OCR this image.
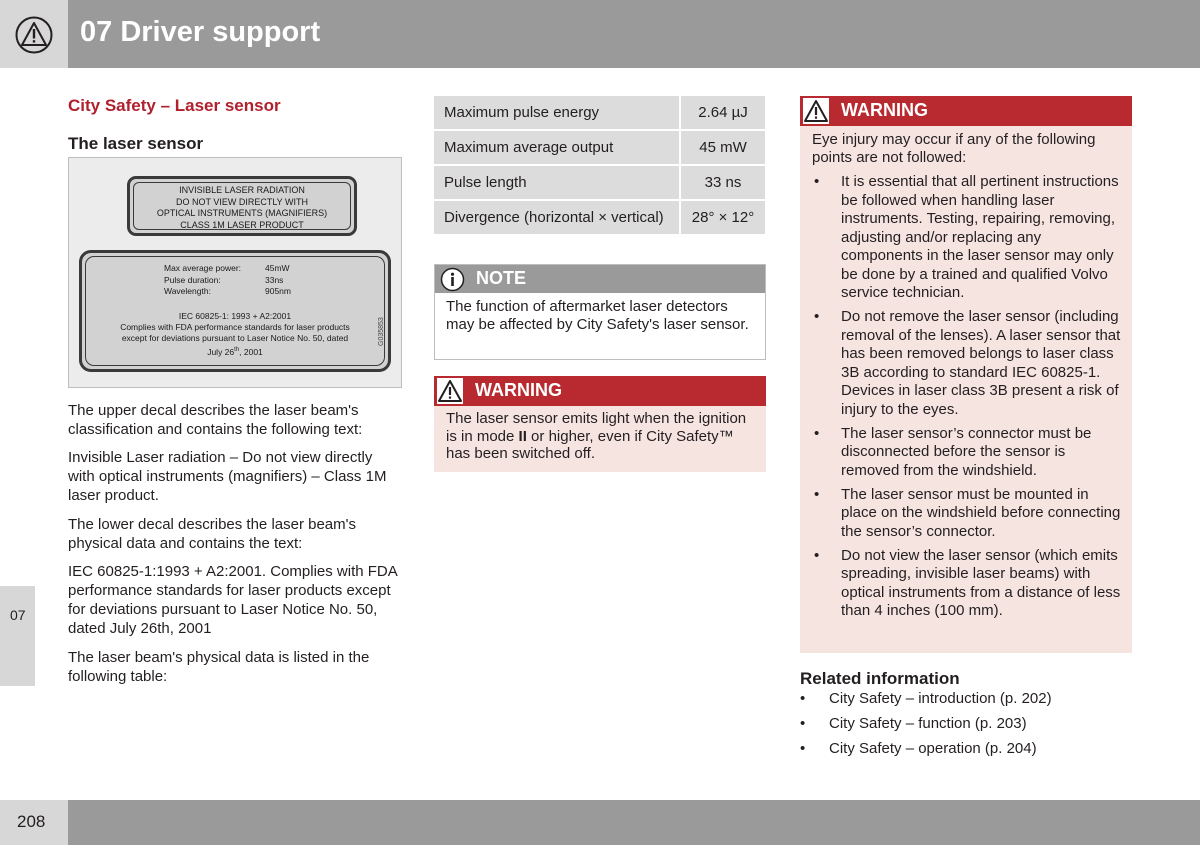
07 Driver support
07
208
City Safety – Laser sensor
The laser sensor
INVISIBLE LASER RADIATION
DO NOT VIEW DIRECTLY WITH
OPTICAL INSTRUMENTS (MAGNIFIERS)
CLASS 1M LASER PRODUCT
Max average power:	45mW
Pulse duration:	33ns
Wavelength:	905nm
IEC 60825-1: 1993 + A2:2001
Complies with FDA performance standards for laser products
except for deviations pursuant to Laser Notice No. 50, dated
July 26th, 2001
G035853

The upper decal describes the laser beam's classification and contains the following text:

Invisible Laser radiation – Do not view directly with optical instruments (magnifiers) – Class 1M laser product.

The lower decal describes the laser beam's physical data and contains the text:

IEC 60825-1:1993 + A2:2001. Complies with FDA performance standards for laser products except for deviations pursuant to Laser Notice No. 50, dated July 26th, 2001

The laser beam's physical data is listed in the following table:

Maximum pulse energy	2.64 µJ
Maximum average output	45 mW
Pulse length	33 ns
Divergence (horizontal × vertical)	28° × 12°
NOTE

The function of aftermarket laser detectors may be affected by City Safety's laser sensor.

WARNING

The laser sensor emits light when the ignition is in mode II or higher, even if City Safety™ has been switched off.

WARNING

Eye injury may occur if any of the following points are not followed:

• It is essential that all pertinent instructions be followed when handling laser instruments. Testing, repairing, removing, adjusting and/or replacing any components in the laser sensor may only be done by a trained and qualified Volvo service technician.
• Do not remove the laser sensor (including removal of the lenses). A laser sensor that has been removed belongs to laser class 3B according to standard IEC 60825-1. Devices in laser class 3B present a risk of injury to the eyes.
• The laser sensor’s connector must be disconnected before the sensor is removed from the windshield.
• The laser sensor must be mounted in place on the windshield before connecting the sensor’s connector.
• Do not view the laser sensor (which emits spreading, invisible laser beams) with optical instruments from a distance of less than 4 inches (100 mm).
Related information
• City Safety – introduction (p. 202)
• City Safety – function (p. 203)
• City Safety – operation (p. 204)
